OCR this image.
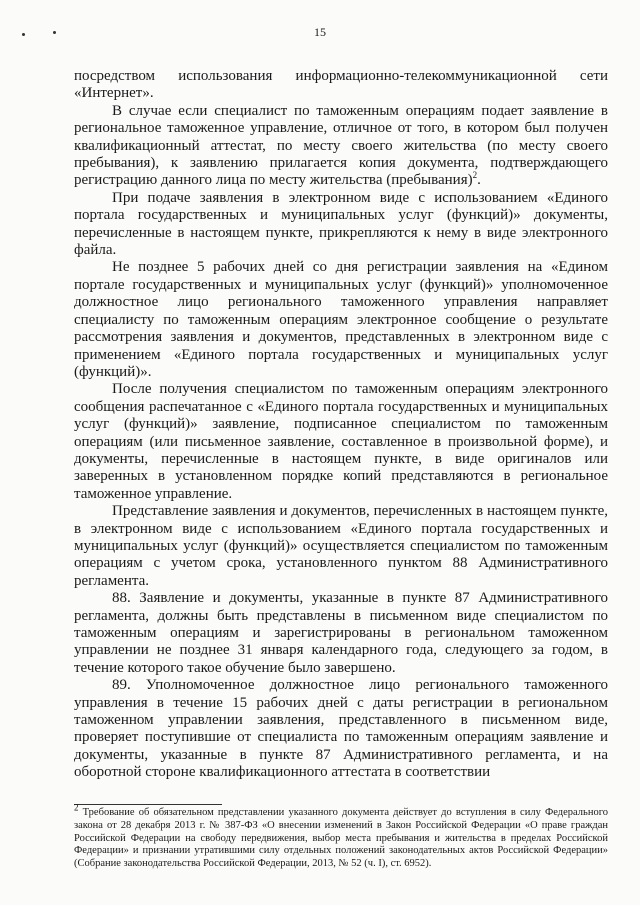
15

посредством использования информационно-телекоммуникационной сети «Интернет».

В случае если специалист по таможенным операциям подает заявление в региональное таможенное управление, отличное от того, в котором был получен квалификационный аттестат, по месту своего жительства (по месту своего пребывания), к заявлению прилагается копия документа, подтверждающего регистрацию данного лица по месту жительства (пребывания)$^2$.

При подаче заявления в электронном виде с использованием «Единого портала государственных и муниципальных услуг (функций)» документы, перечисленные в настоящем пункте, прикрепляются к нему в виде электронного файла.

Не позднее 5 рабочих дней со дня регистрации заявления на «Едином портале государственных и муниципальных услуг (функций)» уполномоченное должностное лицо регионального таможенного управления направляет специалисту по таможенным операциям электронное сообщение о результате рассмотрения заявления и документов, представленных в электронном виде с применением «Единого портала государственных и муниципальных услуг (функций)».

После получения специалистом по таможенным операциям электронного сообщения распечатанное с «Единого портала государственных и муниципальных услуг (функций)» заявление, подписанное специалистом по таможенным операциям (или письменное заявление, составленное в произвольной форме), и документы, перечисленные в настоящем пункте, в виде оригиналов или заверенных в установленном порядке копий представляются в региональное таможенное управление.

Представление заявления и документов, перечисленных в настоящем пункте, в электронном виде с использованием «Единого портала государственных и муниципальных услуг (функций)» осуществляется специалистом по таможенным операциям с учетом срока, установленного пунктом 88 Административного регламента.

88. Заявление и документы, указанные в пункте 87 Административного регламента, должны быть представлены в письменном виде специалистом по таможенным операциям и зарегистрированы в региональном таможенном управлении не позднее 31 января календарного года, следующего за годом, в течение которого такое обучение было завершено.

89. Уполномоченное должностное лицо регионального таможенного управления в течение 15 рабочих дней с даты регистрации в региональном таможенном управлении заявления, представленного в письменном виде, проверяет поступившие от специалиста по таможенным операциям заявление и документы, указанные в пункте 87 Административного регламента, и на оборотной стороне квалификационного аттестата в соответствии

$^2$ Требование об обязательном представлении указанного документа действует до вступления в силу Федерального закона от 28 декабря 2013 г. № 387-ФЗ «О внесении изменений в Закон Российской Федерации «О праве граждан Российской Федерации на свободу передвижения, выбор места пребывания и жительства в пределах Российской Федерации» и признании утратившими силу отдельных положений законодательных актов Российской Федерации» (Собрание законодательства Российской Федерации, 2013, № 52 (ч. I), ст. 6952).
